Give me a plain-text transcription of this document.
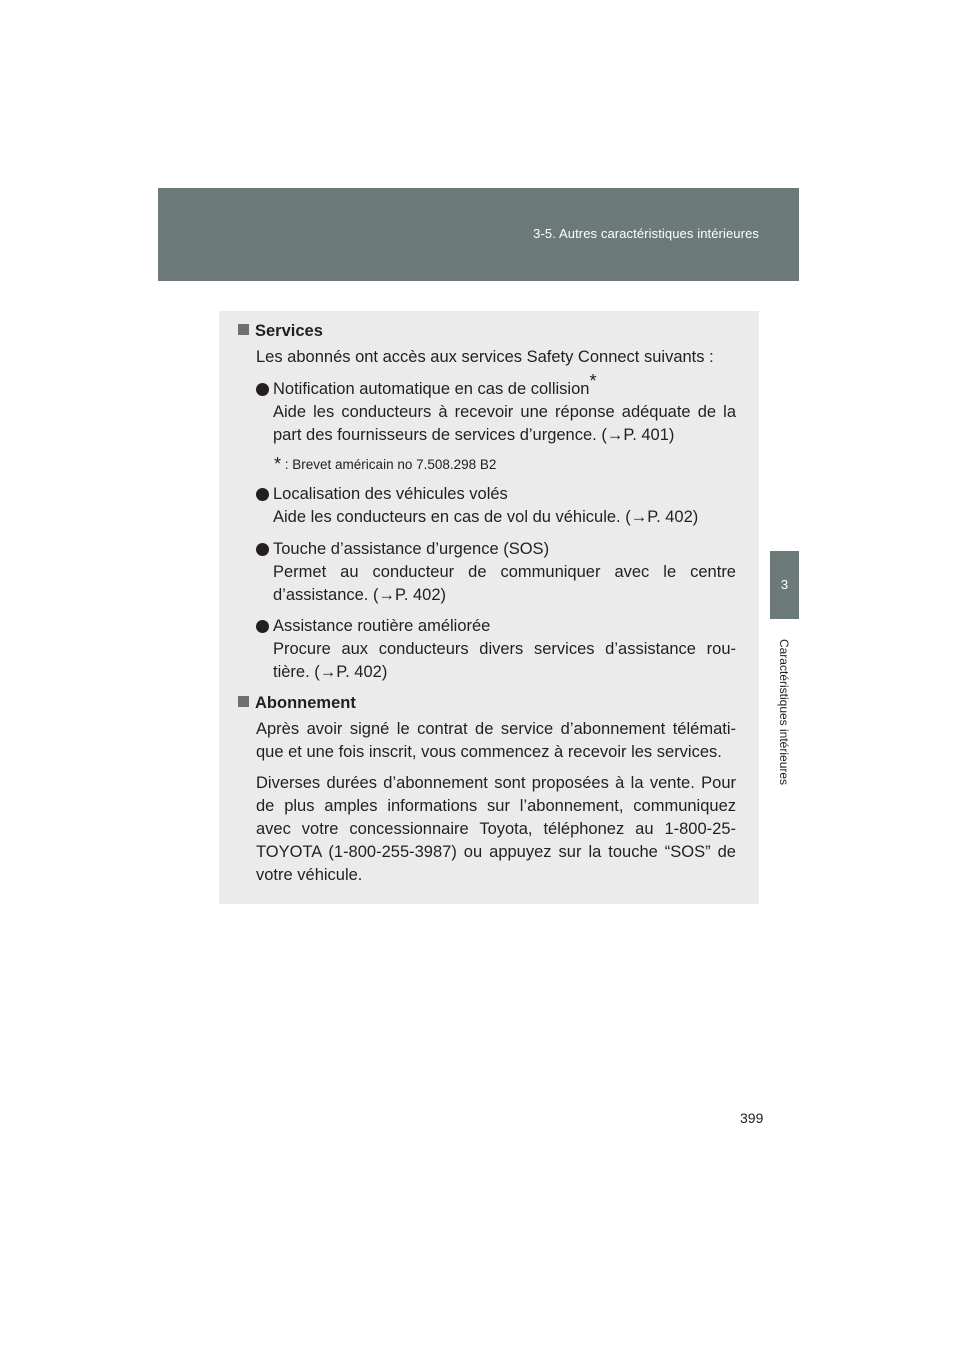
3-5. Autres caractéristiques intérieures
3
Caractéristiques intérieures

Services

Les abonnés ont accès aux services Safety Connect suivants :

Notification automatique en cas de collision*
Aide les conducteurs à recevoir une réponse adéquate de la part des fournisseurs de services d’urgence. (→P. 401)

* : Brevet américain no 7.508.298 B2

Localisation des véhicules volés
Aide les conducteurs en cas de vol du véhicule. (→P. 402)
Touche d’assistance d’urgence (SOS)
Permet au conducteur de communiquer avec le centre d’assistance. (→P. 402)
Assistance routière améliorée
Procure aux conducteurs divers services d’assistance rou-tière. (→P. 402)

Abonnement

Après avoir signé le contrat de service d’abonnement télémati-que et une fois inscrit, vous commencez à recevoir les services.

Diverses durées d’abonnement sont proposées à la vente. Pour de plus amples informations sur l’abonnement, communiquez avec votre concessionnaire Toyota, téléphonez au 1-800-25-TOYOTA (1-800-255-3987) ou appuyez sur la touche “SOS” de votre véhicule.

399
